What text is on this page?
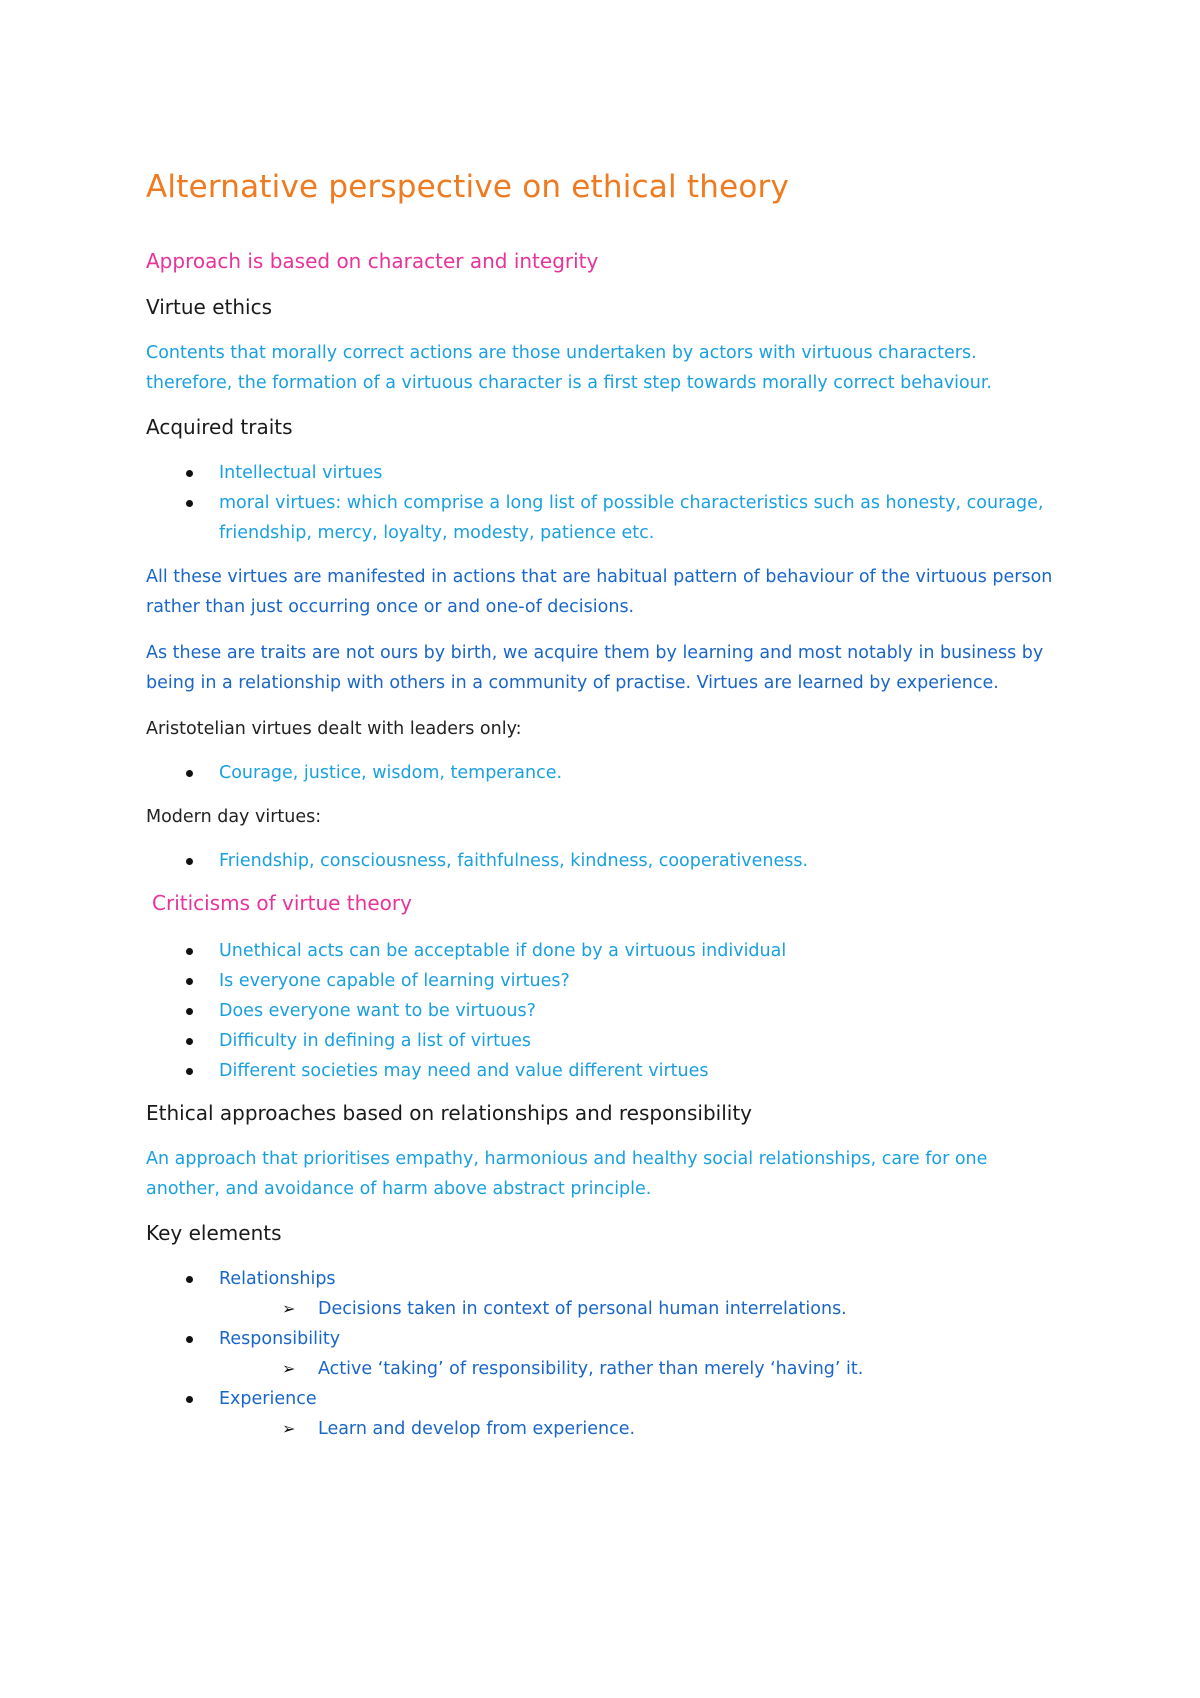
Alternative perspective on ethical theory
Approach is based on character and integrity
Virtue ethics

Contents that morally correct actions are those undertaken by actors with virtuous characters. therefore, the formation of a virtuous character is a first step towards morally correct behaviour.

Acquired traits
Intellectual virtues
moral virtues: which comprise a long list of possible characteristics such as honesty, courage, friendship, mercy, loyalty, modesty, patience etc.

All these virtues are manifested in actions that are habitual pattern of behaviour of the virtuous person rather than just occurring once or and one-of decisions.

As these are traits are not ours by birth, we acquire them by learning and most notably in business by being in a relationship with others in a community of practise. Virtues are learned by experience.

Aristotelian virtues dealt with leaders only:

Courage, justice, wisdom, temperance.

Modern day virtues:

Friendship, consciousness, faithfulness, kindness, cooperativeness.
Criticisms of virtue theory
Unethical acts can be acceptable if done by a virtuous individual
Is everyone capable of learning virtues?
Does everyone want to be virtuous?
Difficulty in defining a list of virtues
Different societies may need and value different virtues
Ethical approaches based on relationships and responsibility

An approach that prioritises empathy, harmonious and healthy social relationships, care for one another, and avoidance of harm above abstract principle.

Key elements
Relationships
➢ Decisions taken in context of personal human interrelations.
Responsibility
➢ Active ‘taking’ of responsibility, rather than merely ‘having’ it.
Experience
➢ Learn and develop from experience.
